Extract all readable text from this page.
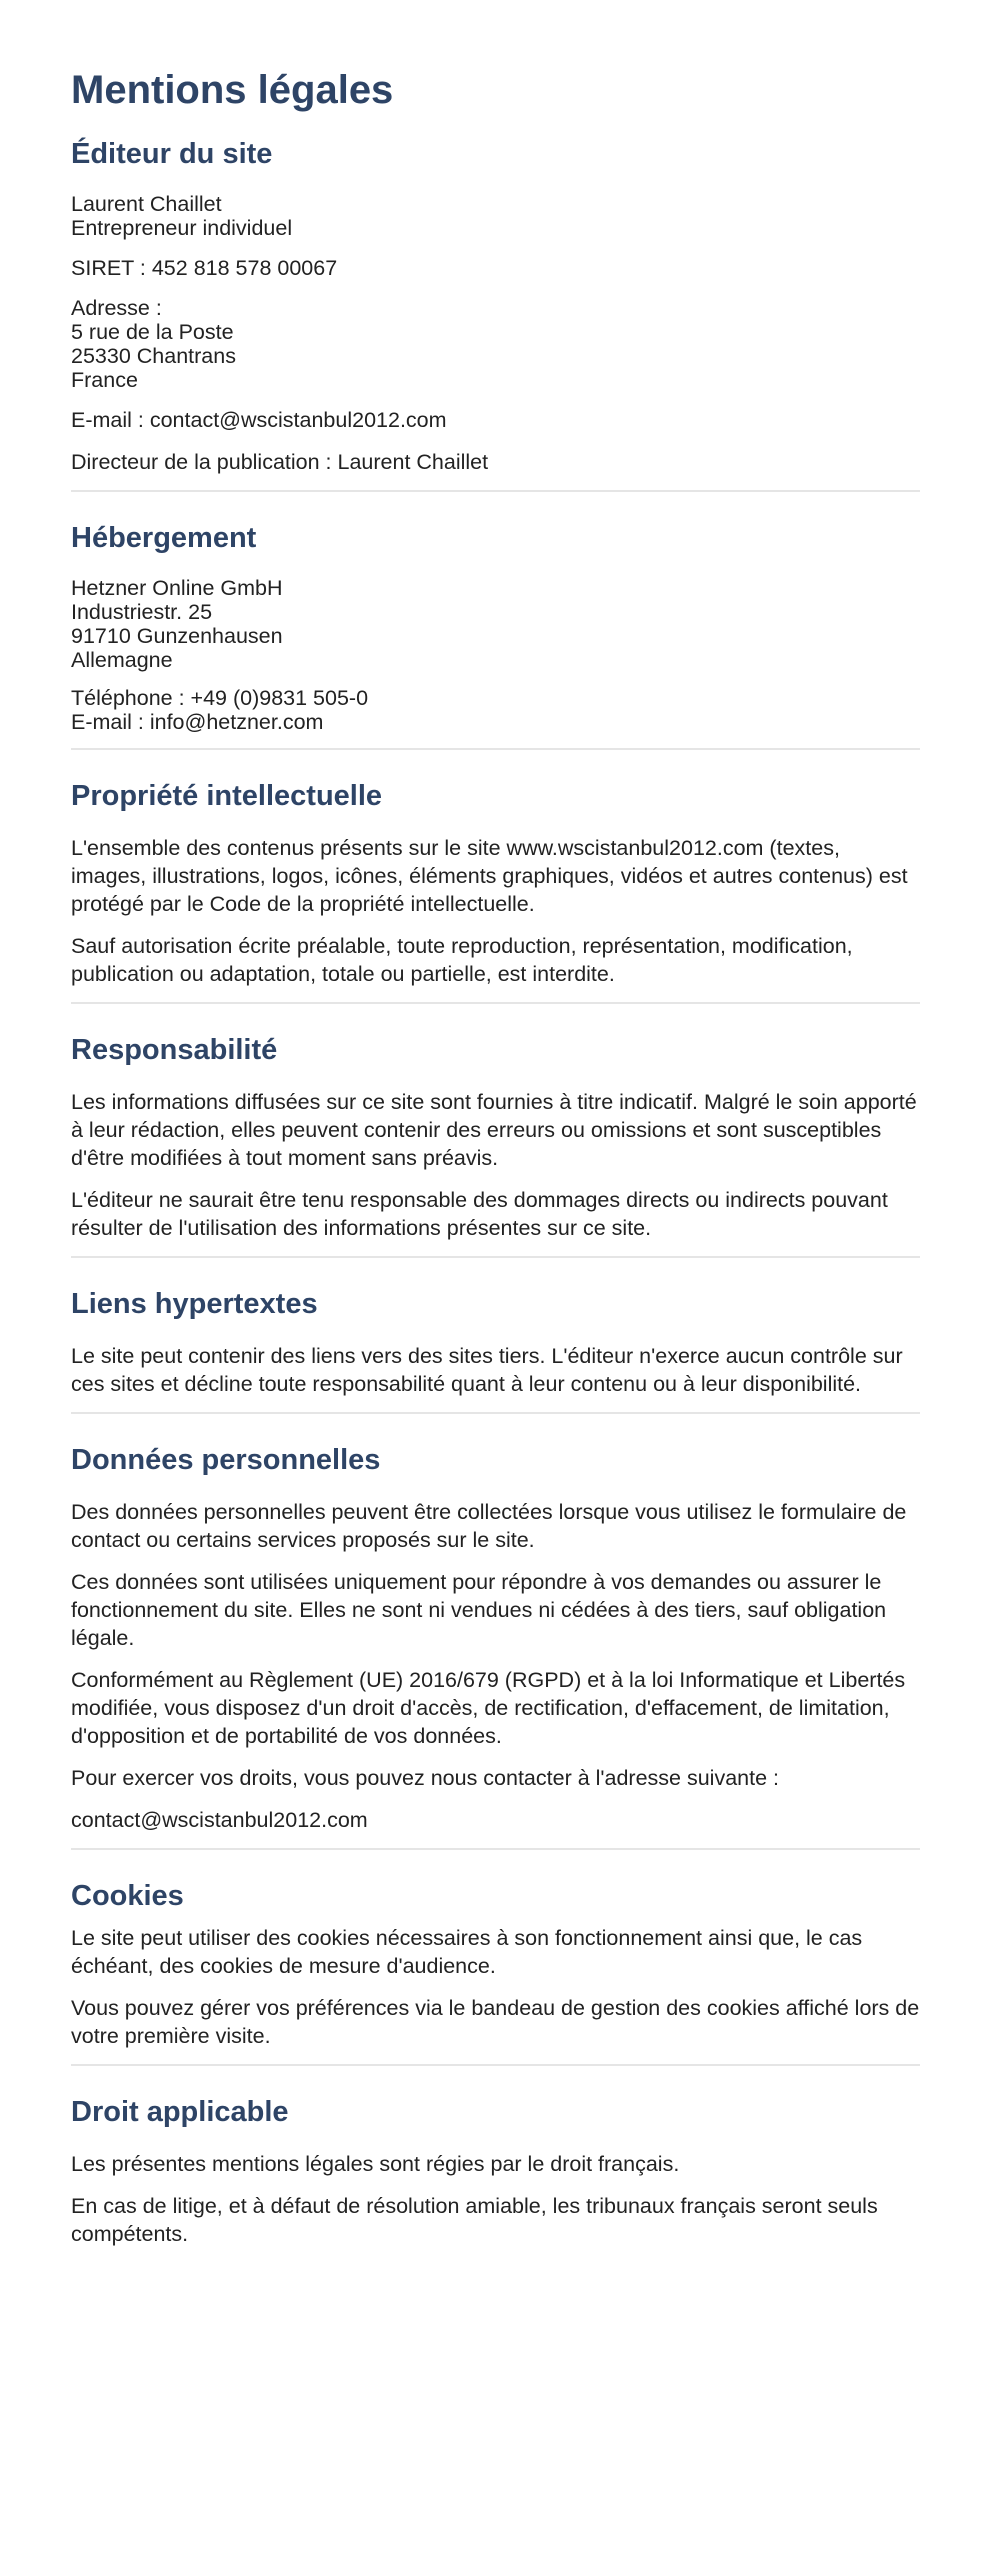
Mentions légales
Éditeur du site

Laurent Chaillet
Entrepreneur individuel

SIRET : 452 818 578 00067

Adresse :
5 rue de la Poste
25330 Chantrans
France

E-mail : contact@wscistanbul2012.com

Directeur de la publication : Laurent Chaillet

Hébergement

Hetzner Online GmbH
Industriestr. 25
91710 Gunzenhausen
Allemagne

Téléphone : +49 (0)9831 505-0
E-mail : info@hetzner.com

Propriété intellectuelle

L'ensemble des contenus présents sur le site www.wscistanbul2012.com (textes, images, illustrations, logos, icônes, éléments graphiques, vidéos et autres contenus) est protégé par le Code de la propriété intellectuelle.

Sauf autorisation écrite préalable, toute reproduction, représentation, modification, publication ou adaptation, totale ou partielle, est interdite.

Responsabilité

Les informations diffusées sur ce site sont fournies à titre indicatif. Malgré le soin apporté à leur rédaction, elles peuvent contenir des erreurs ou omissions et sont susceptibles d'être modifiées à tout moment sans préavis.

L'éditeur ne saurait être tenu responsable des dommages directs ou indirects pouvant résulter de l'utilisation des informations présentes sur ce site.

Liens hypertextes

Le site peut contenir des liens vers des sites tiers. L'éditeur n'exerce aucun contrôle sur ces sites et décline toute responsabilité quant à leur contenu ou à leur disponibilité.

Données personnelles

Des données personnelles peuvent être collectées lorsque vous utilisez le formulaire de contact ou certains services proposés sur le site.

Ces données sont utilisées uniquement pour répondre à vos demandes ou assurer le fonctionnement du site. Elles ne sont ni vendues ni cédées à des tiers, sauf obligation légale.

Conformément au Règlement (UE) 2016/679 (RGPD) et à la loi Informatique et Libertés modifiée, vous disposez d'un droit d'accès, de rectification, d'effacement, de limitation, d'opposition et de portabilité de vos données.

Pour exercer vos droits, vous pouvez nous contacter à l'adresse suivante :

contact@wscistanbul2012.com

Cookies

Le site peut utiliser des cookies nécessaires à son fonctionnement ainsi que, le cas échéant, des cookies de mesure d'audience.

Vous pouvez gérer vos préférences via le bandeau de gestion des cookies affiché lors de votre première visite.

Droit applicable

Les présentes mentions légales sont régies par le droit français.

En cas de litige, et à défaut de résolution amiable, les tribunaux français seront seuls compétents.
